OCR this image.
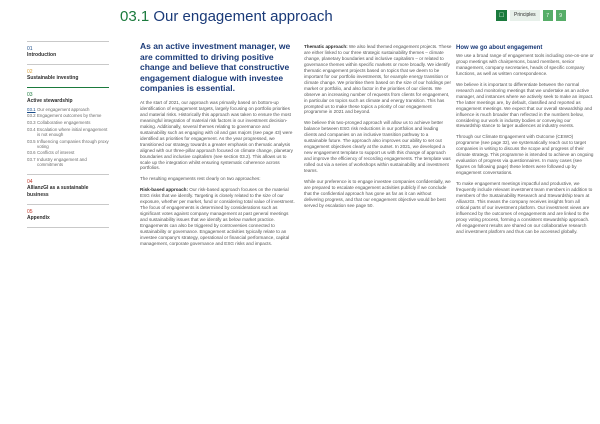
01
Introduction
02
Sustainable investing
03
Active stewardship
03.1 Our engagement approach
03.2 Engagement outcomes by theme
03.3 Collaborative engagements
03.4 Escalation where initial engagement is not enough
03.5 Influencing companies through proxy voting
03.6 Conflicts of interest
03.7 Industry engagement and commitments
04
AllianzGI as a sustainable business
05
Appendix
03.1 Our engagement approach	□	Principles	7	9
As an active investment manager, we are committed to driving positive change and believe that constructive engagement dialogue with investee companies is essential.

At the start of 2021, our approach was primarily based on bottom-up identification of engagement targets, largely focusing on portfolio priorities and material risks. Historically this approach was taken to ensure the most meaningful integration of material risk factors in our investment decision-making. Additionally, several themes relating to governance and sustainability such as engaging with oil and gas majors (see page 43) were identified as priorities for engagement. As the year progressed, we transitioned our strategy towards a greater emphasis on thematic analysis aligned with our three-pillar approach focused on climate change, planetary boundaries and inclusive capitalism (see section 03.2). This allows us to scale up the integration whilst ensuring systematic coherence across portfolios.

The resulting engagements rest clearly on two approaches:

Risk-based approach: Our risk-based approach focuses on the material ESG risks that we identify. Targeting is closely related to the size of our exposure, whether per market, fund or considering total value of investment. The focus of engagements is determined by considerations such as significant votes against company management at past general meetings and sustainability issues that we identify as below market practice. Engagements can also be triggered by controversies connected to sustainability or governance. Engagement activities typically relate to an investee company's strategy, operational or financial performance, capital management, corporate governance and ESG risks and impacts.

Thematic approach: We also lead themed engagement projects. These are either linked to our three strategic sustainability themes – climate change, planetary boundaries and inclusive capitalism – or related to governance themes within specific markets or more broadly. We identify thematic engagement projects based on topics that we deem to be important for our portfolio investments, for example energy transition or climate change. We prioritise them based on the size of our holdings per market or portfolio, and also factor in the priorities of our clients. We observe an increasing number of requests from clients for engagement, in particular on topics such as climate and energy transition. This has prompted us to make these topics a priority of our engagement programme in 2021 and beyond.

We believe this two-pronged approach will allow us to achieve better balance between ESG risk reductions in our portfolios and leading clients and companies on an inclusive transition pathway to a sustainable future. The approach also improves our ability to set out engagement objectives clearly at the outset. In 2021, we developed a new engagement template to support us with this change of approach and improve the efficiency of recording engagements. The template was rolled out via a series of workshops within sustainability and investment teams.

While our preference is to engage investee companies confidentially, we are prepared to escalate engagement activities publicly if we conclude that the confidential approach has gone as far as it can without delivering progress, and that our engagement objective would be best served by escalation see page 50.

How we go about engagement

We use a broad range of engagement tools including one-on-one or group meetings with chairpersons, board members, senior management, company secretaries, heads of specific company functions, as well as written correspondence.

We believe it is important to differentiate between the normal research and monitoring meetings that we undertake as an active manager, and instances where we actively seek to make an impact. The latter meetings are, by default, classified and reported as engagement meetings. We expect that our overall stewardship and influence is much broader than reflected in the numbers below, considering our work in industry bodies or conveying our stewardship stance to larger audiences at industry events.

Through our Climate Engagement with Outcome (CEWO) programme (see page 32), we systematically reach out to target companies in writing to discuss the scope and progress of their climate strategy. This programme is intended to achieve an ongoing evaluation of progress via questionnaires. In many cases (see figures on following page) these letters were followed up by engagement conversations.

To make engagement meetings impactful and productive, we frequently include relevant investment team members in addition to members of the Sustainability Research and Stewardship team at AllianzGI. This means the company receives insights from all critical parts of our investment platform. Our investment views are influenced by the outcomes of engagements and are linked to the proxy voting process, forming a consistent stewardship approach. All engagement results are shared on our collaborative research and investment platform and thus can be accessed globally.
